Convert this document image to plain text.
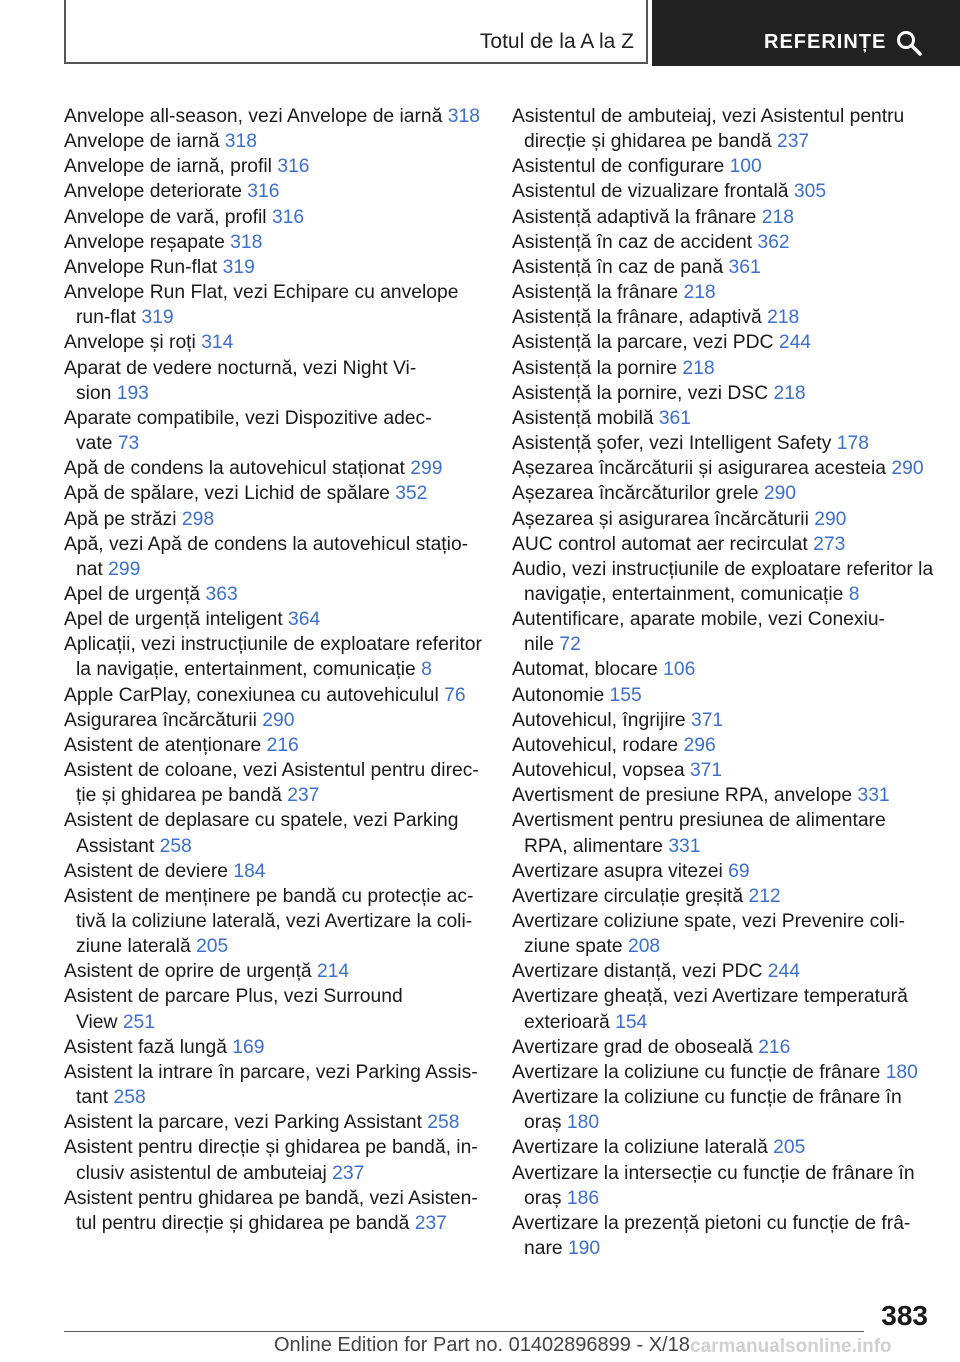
Totul de la A la Z	REFERINȚE
Anvelope all-season, vezi Anvelope de iarnă 318
Anvelope de iarnă 318
Anvelope de iarnă, profil 316
Anvelope deteriorate 316
Anvelope de vară, profil 316
Anvelope reșapate 318
Anvelope Run-flat 319
Anvelope Run Flat, vezi Echipare cu anvelope
run-flat 319
Anvelope și roți 314
Aparat de vedere nocturnă, vezi Night Vi-
sion 193
Aparate compatibile, vezi Dispozitive adec-
vate 73
Apă de condens la autovehicul staționat 299
Apă de spălare, vezi Lichid de spălare 352
Apă pe străzi 298
Apă, vezi Apă de condens la autovehicul stațio-
nat 299
Apel de urgență 363
Apel de urgență inteligent 364
Aplicații, vezi instrucțiunile de exploatare referitor
la navigație, entertainment, comunicație 8
Apple CarPlay, conexiunea cu autovehiculul 76
Asigurarea încărcăturii 290
Asistent de atenționare 216
Asistent de coloane, vezi Asistentul pentru direc-
ție și ghidarea pe bandă 237
Asistent de deplasare cu spatele, vezi Parking
Assistant 258
Asistent de deviere 184
Asistent de menținere pe bandă cu protecție ac-
tivă la coliziune laterală, vezi Avertizare la coli-
ziune laterală 205
Asistent de oprire de urgență 214
Asistent de parcare Plus, vezi Surround
View 251
Asistent fază lungă 169
Asistent la intrare în parcare, vezi Parking Assis-
tant 258
Asistent la parcare, vezi Parking Assistant 258
Asistent pentru direcție și ghidarea pe bandă, in-
clusiv asistentul de ambuteiaj 237
Asistent pentru ghidarea pe bandă, vezi Asisten-
tul pentru direcție și ghidarea pe bandă 237
Asistentul de ambuteiaj, vezi Asistentul pentru
direcție și ghidarea pe bandă 237
Asistentul de configurare 100
Asistentul de vizualizare frontală 305
Asistență adaptivă la frânare 218
Asistență în caz de accident 362
Asistență în caz de pană 361
Asistență la frânare 218
Asistență la frânare, adaptivă 218
Asistență la parcare, vezi PDC 244
Asistență la pornire 218
Asistență la pornire, vezi DSC 218
Asistență mobilă 361
Asistență șofer, vezi Intelligent Safety 178
Așezarea încărcăturii și asigurarea acesteia 290
Așezarea încărcăturilor grele 290
Așezarea și asigurarea încărcăturii 290
AUC control automat aer recirculat 273
Audio, vezi instrucțiunile de exploatare referitor la
navigație, entertainment, comunicație 8
Autentificare, aparate mobile, vezi Conexiu-
nile 72
Automat, blocare 106
Autonomie 155
Autovehicul, îngrijire 371
Autovehicul, rodare 296
Autovehicul, vopsea 371
Avertisment de presiune RPA, anvelope 331
Avertisment pentru presiunea de alimentare
RPA, alimentare 331
Avertizare asupra vitezei 69
Avertizare circulație greșită 212
Avertizare coliziune spate, vezi Prevenire coli-
ziune spate 208
Avertizare distanță, vezi PDC 244
Avertizare gheață, vezi Avertizare temperatură
exterioară 154
Avertizare grad de oboseală 216
Avertizare la coliziune cu funcție de frânare 180
Avertizare la coliziune cu funcție de frânare în
oraș 180
Avertizare la coliziune laterală 205
Avertizare la intersecție cu funcție de frânare în
oraș 186
Avertizare la prezență pietoni cu funcție de frâ-
nare 190
383
Online Edition for Part no. 01402896899 - X/18 carmanualsonline.info
